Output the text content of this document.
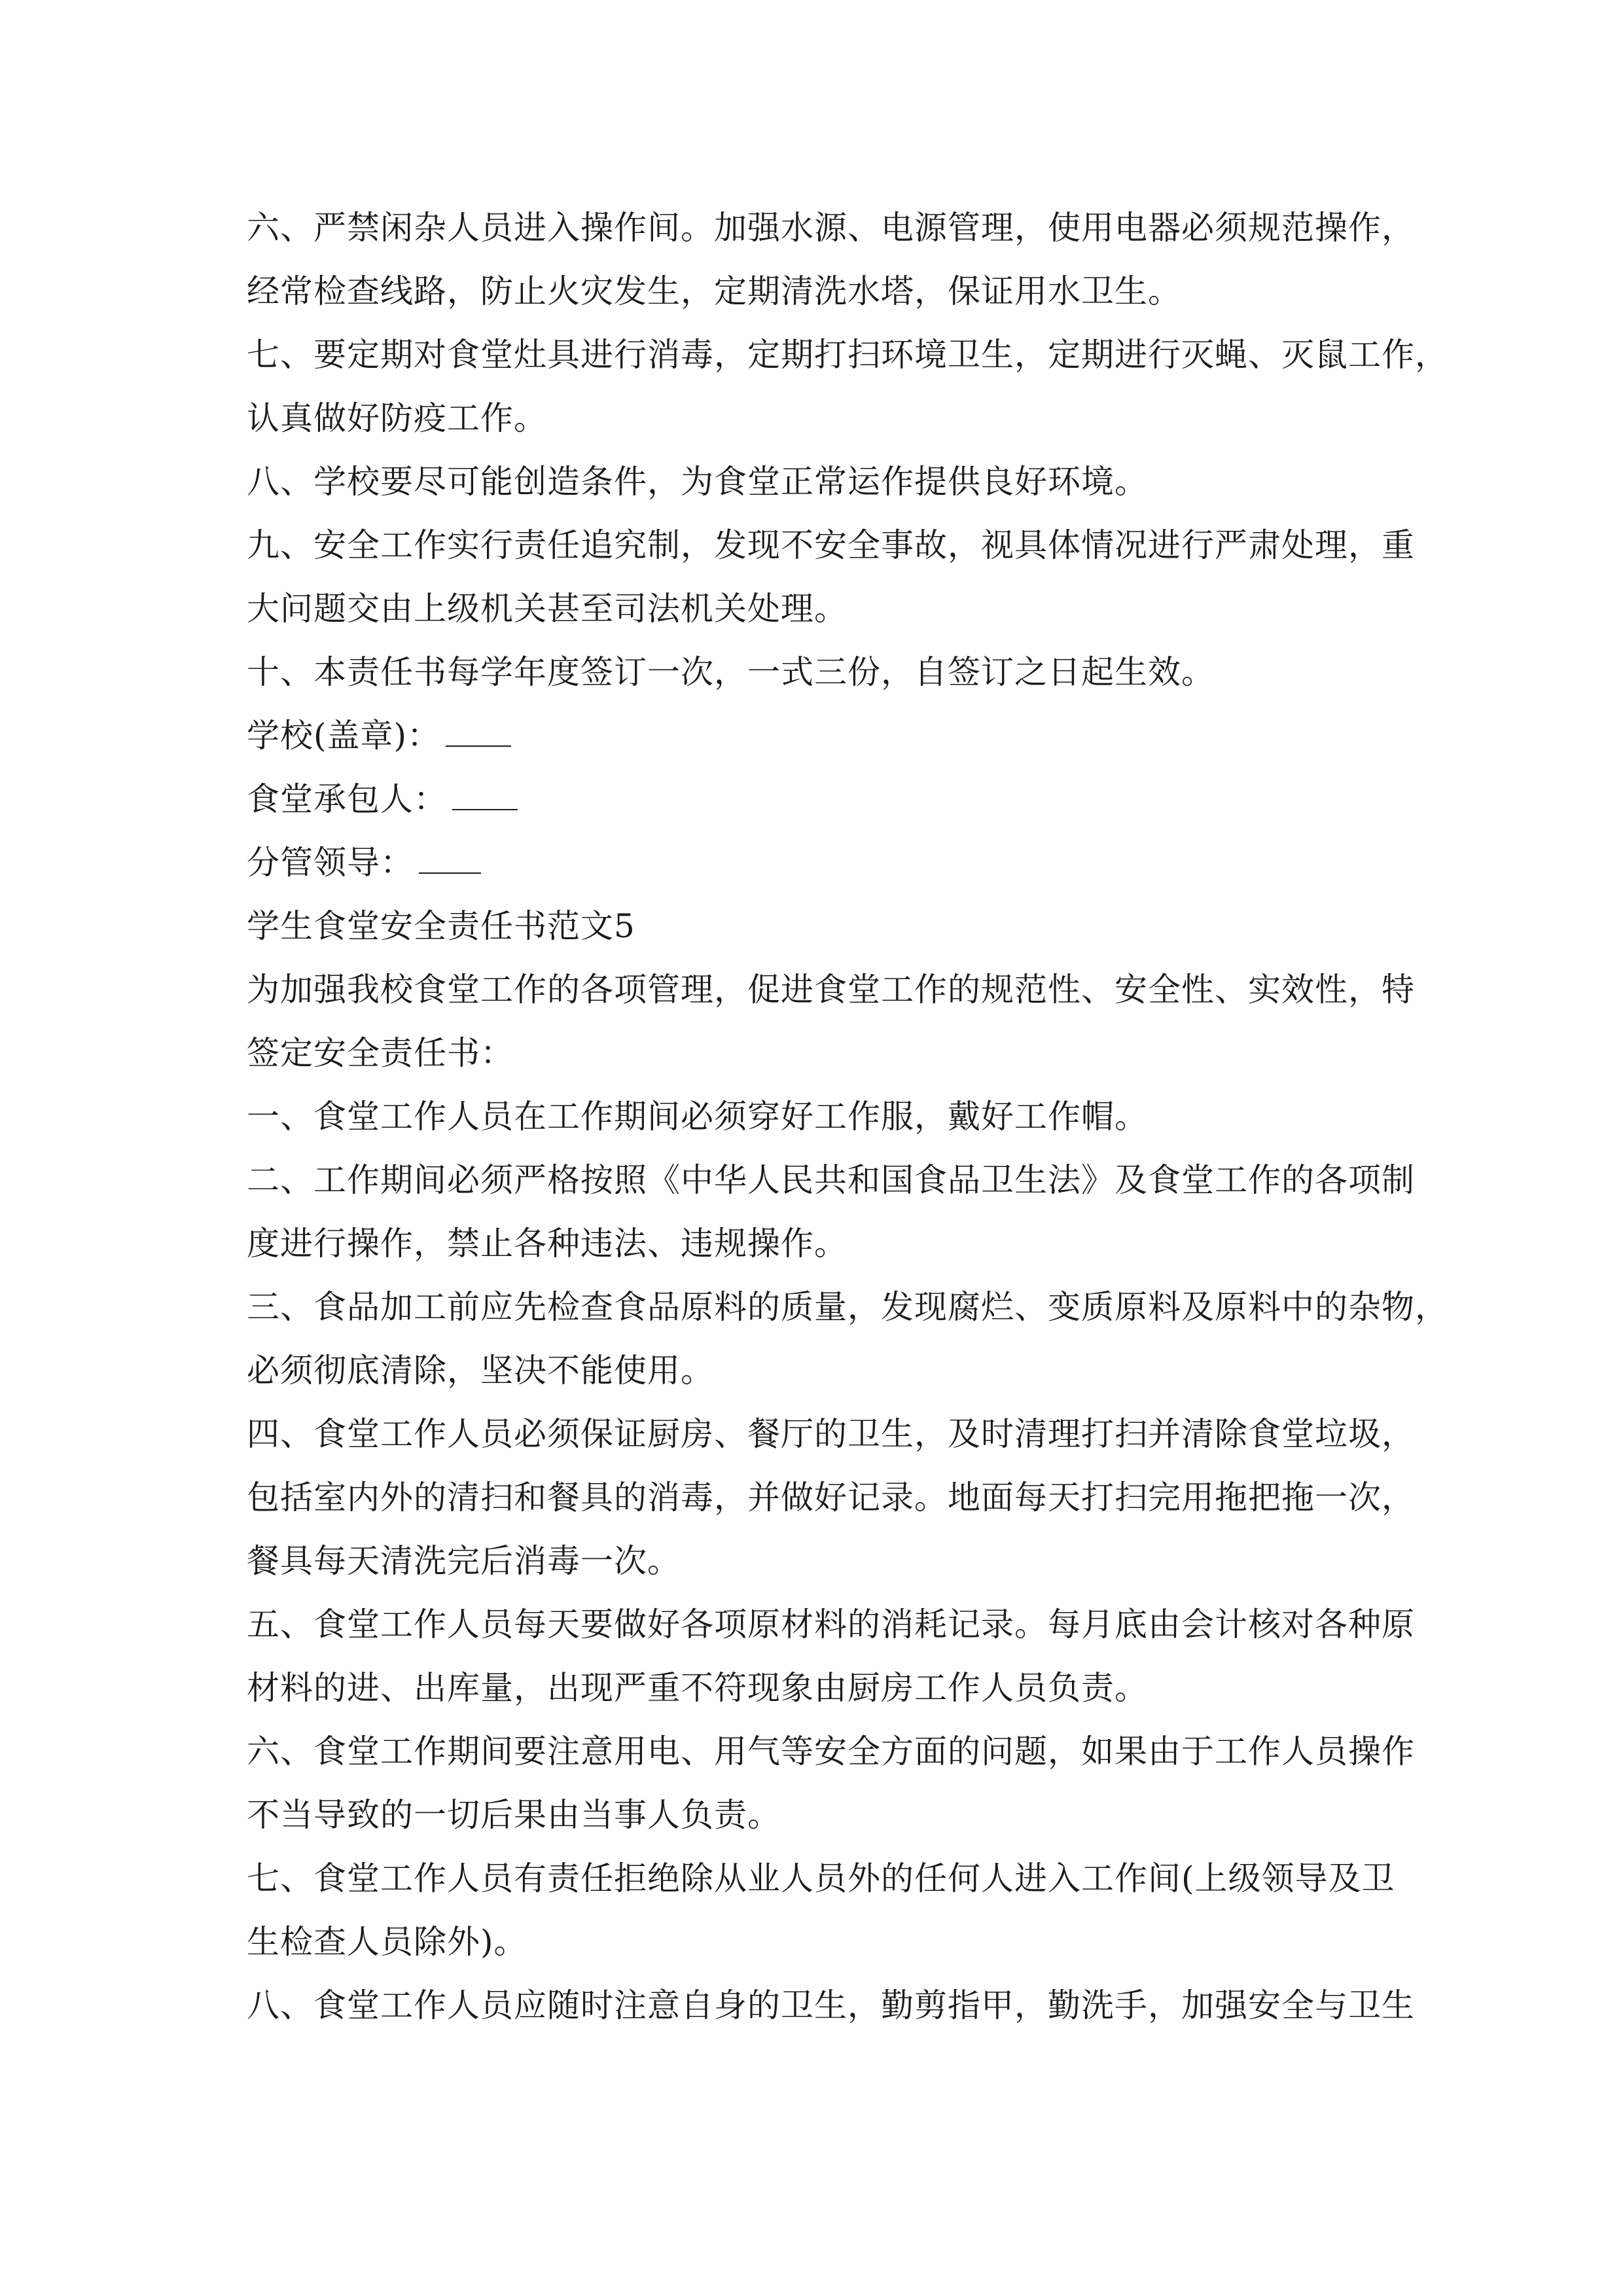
六、严禁闲杂人员进入操作间。加强水源、电源管理，使用电器必须规范操作，
经常检查线路，防止火灾发生，定期清洗水塔，保证用水卫生。

七、要定期对食堂灶具进行消毒，定期打扫环境卫生，定期进行灭蝇、灭鼠工作，
认真做好防疫工作。

八、学校要尽可能创造条件，为食堂正常运作提供良好环境。

九、安全工作实行责任追究制，发现不安全事故，视具体情况进行严肃处理，重
大问题交由上级机关甚至司法机关处理。

十、本责任书每学年度签订一次，一式三份，自签订之日起生效。

学校(盖章)：

食堂承包人：

分管领导：

学生食堂安全责任书范文5

为加强我校食堂工作的各项管理，促进食堂工作的规范性、安全性、实效性，特
签定安全责任书：

一、食堂工作人员在工作期间必须穿好工作服，戴好工作帽。

二、工作期间必须严格按照《中华人民共和国食品卫生法》及食堂工作的各项制
度进行操作，禁止各种违法、违规操作。

三、食品加工前应先检查食品原料的质量，发现腐烂、变质原料及原料中的杂物，
必须彻底清除，坚决不能使用。

四、食堂工作人员必须保证厨房、餐厅的卫生，及时清理打扫并清除食堂垃圾，
包括室内外的清扫和餐具的消毒，并做好记录。地面每天打扫完用拖把拖一次，
餐具每天清洗完后消毒一次。

五、食堂工作人员每天要做好各项原材料的消耗记录。每月底由会计核对各种原
材料的进、出库量，出现严重不符现象由厨房工作人员负责。

六、食堂工作期间要注意用电、用气等安全方面的问题，如果由于工作人员操作
不当导致的一切后果由当事人负责。

七、食堂工作人员有责任拒绝除从业人员外的任何人进入工作间(上级领导及卫
生检查人员除外)。

八、食堂工作人员应随时注意自身的卫生，勤剪指甲，勤洗手，加强安全与卫生
